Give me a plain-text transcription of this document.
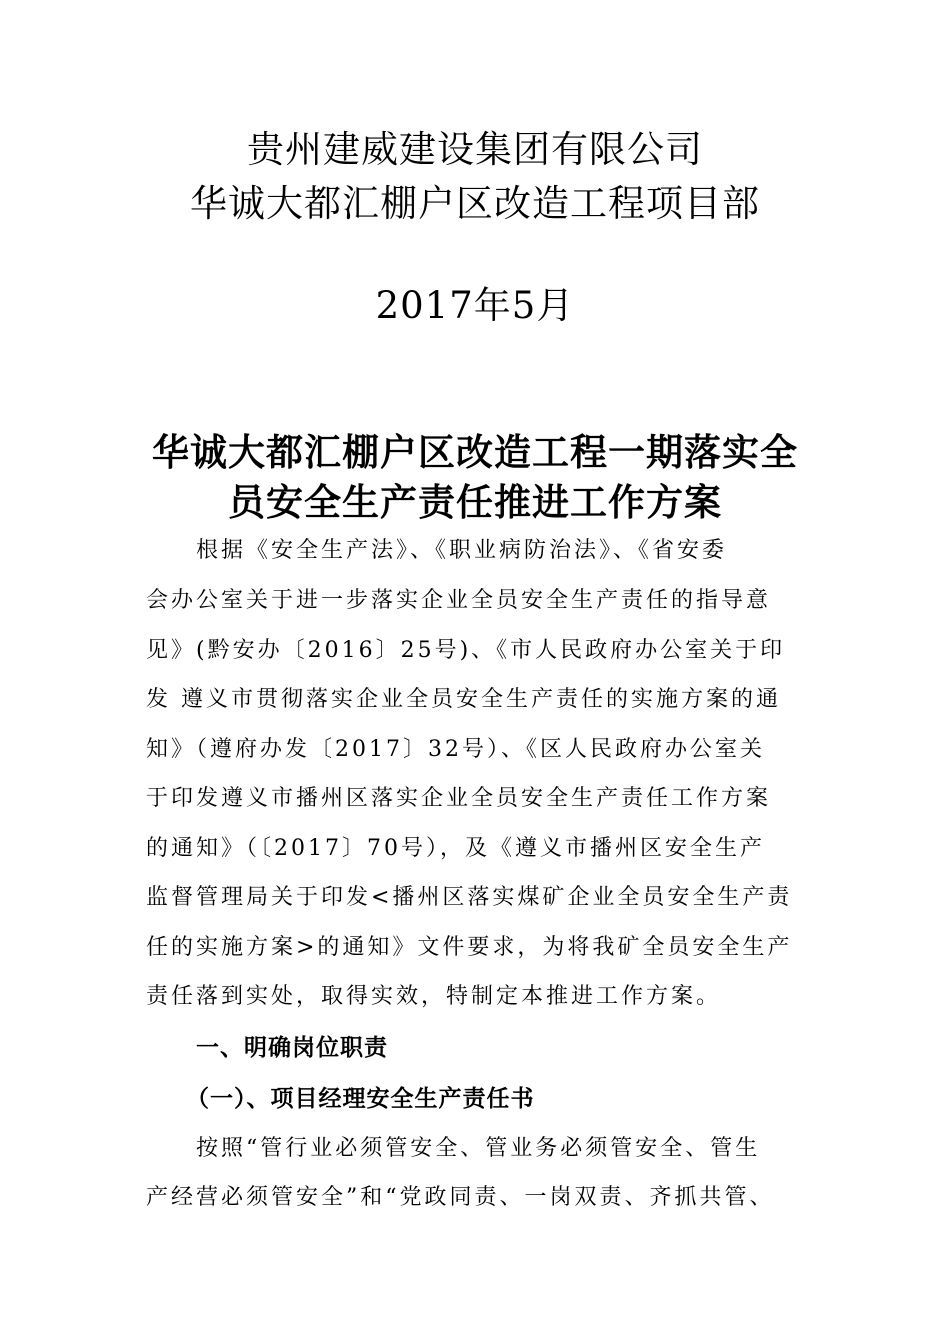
贵州建威建设集团有限公司
华诚大都汇棚户区改造工程项目部
2017年5月
华诚大都汇棚户区改造工程一期落实全
员安全生产责任推进工作方案
根据《安全生产法》、《职业病防治法》、《省安委
会办公室关于进一步落实企业全员安全生产责任的指导意
见》(黔安办〔2016〕25号)、《市人民政府办公室关于印
发 遵义市贯彻落实企业全员安全生产责任的实施方案的通
知》（遵府办发〔2017〕32号）、《区人民政府办公室关
于印发遵义市播州区落实企业全员安全生产责任工作方案
的通知》（〔2017〕70号），及《遵义市播州区安全生产
监督管理局关于印发<播州区落实煤矿企业全员安全生产责
任的实施方案>的通知》文件要求，为将我矿全员安全生产
责任落到实处，取得实效，特制定本推进工作方案。
一、明确岗位职责
（一）、项目经理安全生产责任书
按照“管行业必须管安全、管业务必须管安全、管生
产经营必须管安全”和“党政同责、一岗双责、齐抓共管、
